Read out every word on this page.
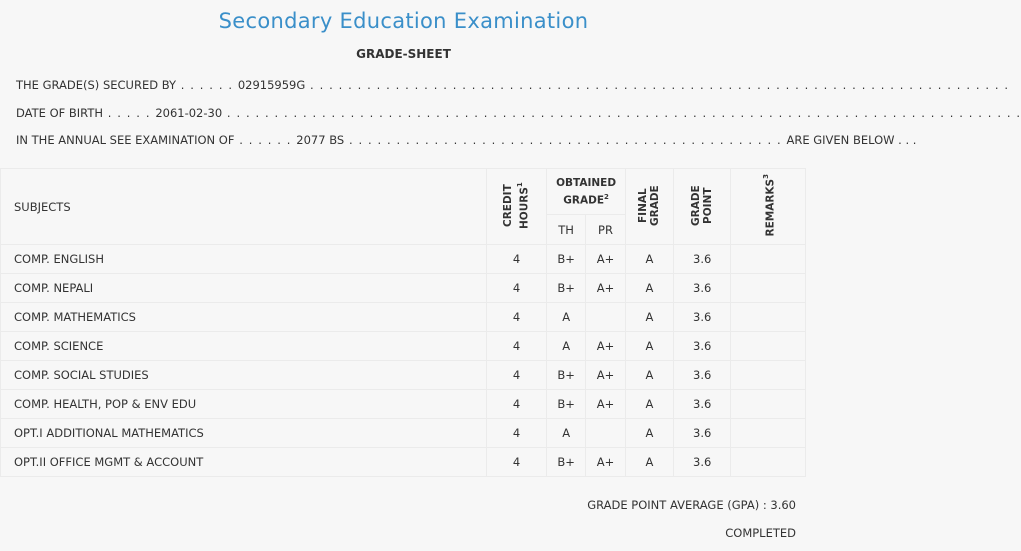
Secondary Education Examination
GRADE-SHEET
THE GRADE(S) SECURED BY . . . . . . 02915959G . . . . . . . . . . . . . . . . . . . . . . . . . . . . . . . . . . . . . . . . . . . . . . . . . . . . . . . . . . . . . . . . . . . . . . . . . .
DATE OF BIRTH . . . . . 2061-02-30 . . . . . . . . . . . . . . . . . . . . . . . . . . . . . . . . . . . . . . . . . . . . . . . . . . . . . . . . . . . . . . . . . . . . . . . . . . . . . . . . . . . .
IN THE ANNUAL SEE EXAMINATION OF . . . . . . 2077 BS . . . . . . . . . . . . . . . . . . . . . . . . . . . . . . . . . . . . . . . . . . . . . . ARE GIVEN BELOW . . .
SUBJECTS	CREDIT HOURS$^1$	OBTAINED GRADE$^2$		FINAL GRADE	GRADE POINT	REMARKS$^3$
		TH	PR			
COMP. ENGLISH	4	B+	A+	A	3.6	
COMP. NEPALI	4	B+	A+	A	3.6	
COMP. MATHEMATICS	4	A		A	3.6	
COMP. SCIENCE	4	A	A+	A	3.6	
COMP. SOCIAL STUDIES	4	B+	A+	A	3.6	
COMP. HEALTH, POP & ENV EDU	4	B+	A+	A	3.6	
OPT.I ADDITIONAL MATHEMATICS	4	A		A	3.6	
OPT.II OFFICE MGMT & ACCOUNT	4	B+	A+	A	3.6	
GRADE POINT AVERAGE (GPA) : 3.60
COMPLETED
